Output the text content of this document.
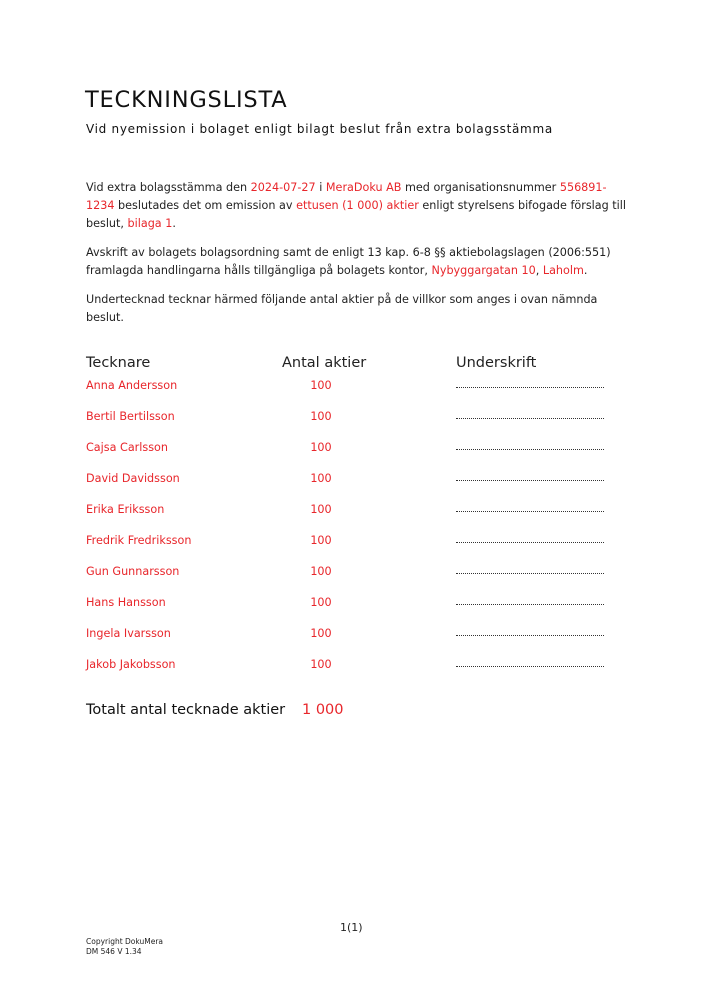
TECKNINGSLISTA

Vid nyemission i bolaget enligt bilagt beslut från extra bolagsstämma

Vid extra bolagsstämma den 2024-07-27 i MeraDoku AB med organisationsnummer 556891-1234 beslutades det om emission av ettusen (1 000) aktier enligt styrelsens bifogade förslag till beslut, bilaga 1.

Avskrift av bolagets bolagsordning samt de enligt 13 kap. 6-8 §§ aktiebolagslagen (2006:551) framlagda handlingarna hålls tillgängliga på bolagets kontor, Nybyggargatan 10, Laholm.

Undertecknad tecknar härmed följande antal aktier på de villkor som anges i ovan nämnda beslut.

Tecknare	Antal aktier	Underskrift
Anna Andersson	100
Bertil Bertilsson	100
Cajsa Carlsson	100
David Davidsson	100
Erika Eriksson	100
Fredrik Fredriksson	100
Gun Gunnarsson	100
Hans Hansson	100
Ingela Ivarsson	100
Jakob Jakobsson	100
Totalt antal tecknade aktier 1 000
1(1)
Copyright DokuMera
DM 546 V 1.34
